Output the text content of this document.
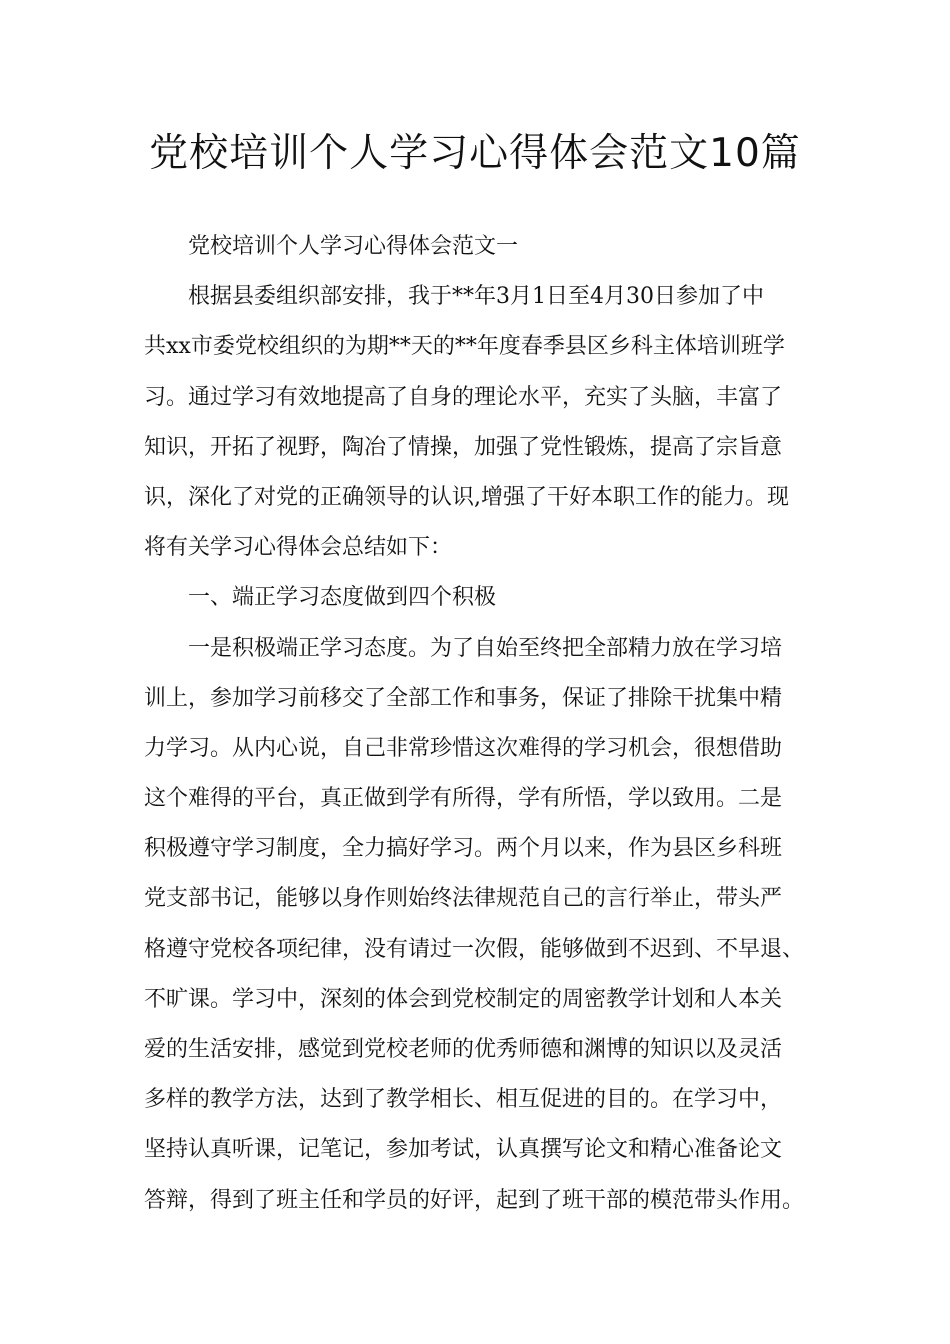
党校培训个人学习心得体会范文10篇
党校培训个人学习心得体会范文一
根据县委组织部安排，我于**年3月1日至4月30日参加了中
共xx市委党校组织的为期**天的**年度春季县区乡科主体培训班学
习。通过学习有效地提高了自身的理论水平，充实了头脑，丰富了
知识，开拓了视野，陶冶了情操，加强了党性锻炼，提高了宗旨意
识，深化了对党的正确领导的认识,增强了干好本职工作的能力。现
将有关学习心得体会总结如下：
一、端正学习态度做到四个积极
一是积极端正学习态度。为了自始至终把全部精力放在学习培
训上，参加学习前移交了全部工作和事务，保证了排除干扰集中精
力学习。从内心说，自己非常珍惜这次难得的学习机会，很想借助
这个难得的平台，真正做到学有所得，学有所悟，学以致用。二是
积极遵守学习制度，全力搞好学习。两个月以来，作为县区乡科班
党支部书记，能够以身作则始终法律规范自己的言行举止，带头严
格遵守党校各项纪律，没有请过一次假，能够做到不迟到、不早退、
不旷课。学习中，深刻的体会到党校制定的周密教学计划和人本关
爱的生活安排，感觉到党校老师的优秀师德和渊博的知识以及灵活
多样的教学方法，达到了教学相长、相互促进的目的。在学习中，
坚持认真听课，记笔记，参加考试，认真撰写论文和精心准备论文
答辩，得到了班主任和学员的好评，起到了班干部的模范带头作用。
